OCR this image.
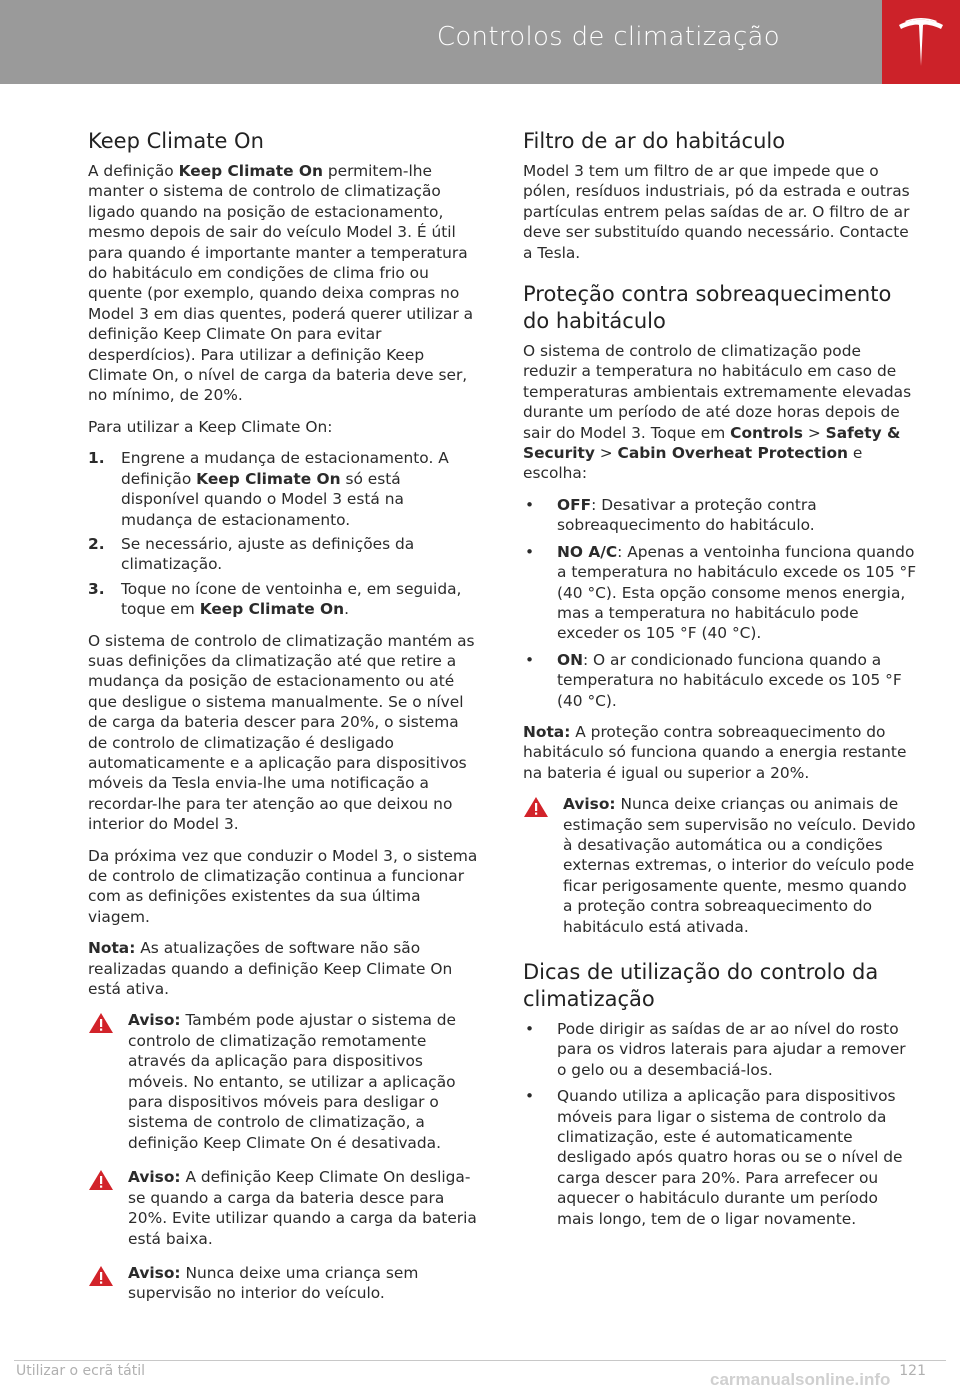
Controlos de climatização
Keep Climate On

A definição Keep Climate On permitem-lhe manter o sistema de controlo de climatização ligado quando na posição de estacionamento, mesmo depois de sair do veículo Model 3. É útil para quando é importante manter a temperatura do habitáculo em condições de clima frio ou quente (por exemplo, quando deixa compras no Model 3 em dias quentes, poderá querer utilizar a definição Keep Climate On para evitar desperdícios). Para utilizar a definição Keep Climate On, o nível de carga da bateria deve ser, no mínimo, de 20%.

Para utilizar a Keep Climate On:

1. Engrene a mudança de estacionamento. A definição Keep Climate On só está disponível quando o Model 3 está na mudança de estacionamento.
2. Se necessário, ajuste as definições da climatização.
3. Toque no ícone de ventoinha e, em seguida, toque em Keep Climate On.

O sistema de controlo de climatização mantém as suas definições da climatização até que retire a mudança da posição de estacionamento ou até que desligue o sistema manualmente. Se o nível de carga da bateria descer para 20%, o sistema de controlo de climatização é desligado automaticamente e a aplicação para dispositivos móveis da Tesla envia-lhe uma notificação a recordar-lhe para ter atenção ao que deixou no interior do Model 3.

Da próxima vez que conduzir o Model 3, o sistema de controlo de climatização continua a funcionar com as definições existentes da sua última viagem.

Nota: As atualizações de software não são realizadas quando a definição Keep Climate On está ativa.

Aviso: Também pode ajustar o sistema de controlo de climatização remotamente através da aplicação para dispositivos móveis. No entanto, se utilizar a aplicação para dispositivos móveis para desligar o sistema de controlo de climatização, a definição Keep Climate On é desativada.
Aviso: A definição Keep Climate On desliga-se quando a carga da bateria desce para 20%. Evite utilizar quando a carga da bateria está baixa.
Aviso: Nunca deixe uma criança sem supervisão no interior do veículo.
Filtro de ar do habitáculo

Model 3 tem um filtro de ar que impede que o pólen, resíduos industriais, pó da estrada e outras partículas entrem pelas saídas de ar. O filtro de ar deve ser substituído quando necessário. Contacte a Tesla.

Proteção contra sobreaquecimento do habitáculo

O sistema de controlo de climatização pode reduzir a temperatura no habitáculo em caso de temperaturas ambientais extremamente elevadas durante um período de até doze horas depois de sair do Model 3. Toque em Controls > Safety & Security > Cabin Overheat Protection e escolha:

• OFF: Desativar a proteção contra sobreaquecimento do habitáculo.
• NO A/C: Apenas a ventoinha funciona quando a temperatura no habitáculo excede os 105 °F (40 °C). Esta opção consome menos energia, mas a temperatura no habitáculo pode exceder os 105 °F (40 °C).
• ON: O ar condicionado funciona quando a temperatura no habitáculo excede os 105 °F (40 °C).

Nota: A proteção contra sobreaquecimento do habitáculo só funciona quando a energia restante na bateria é igual ou superior a 20%.

Aviso: Nunca deixe crianças ou animais de estimação sem supervisão no veículo. Devido à desativação automática ou a condições externas extremas, o interior do veículo pode ficar perigosamente quente, mesmo quando a proteção contra sobreaquecimento do habitáculo está ativada.
Dicas de utilização do controlo da climatização
• Pode dirigir as saídas de ar ao nível do rosto para os vidros laterais para ajudar a remover o gelo ou a desembaciá-los.
• Quando utiliza a aplicação para dispositivos móveis para ligar o sistema de controlo da climatização, este é automaticamente desligado após quatro horas ou se o nível de carga descer para 20%. Para arrefecer ou aquecer o habitáculo durante um período mais longo, tem de o ligar novamente.
Utilizar o ecrã tátil	121
carmanualsonline.info
